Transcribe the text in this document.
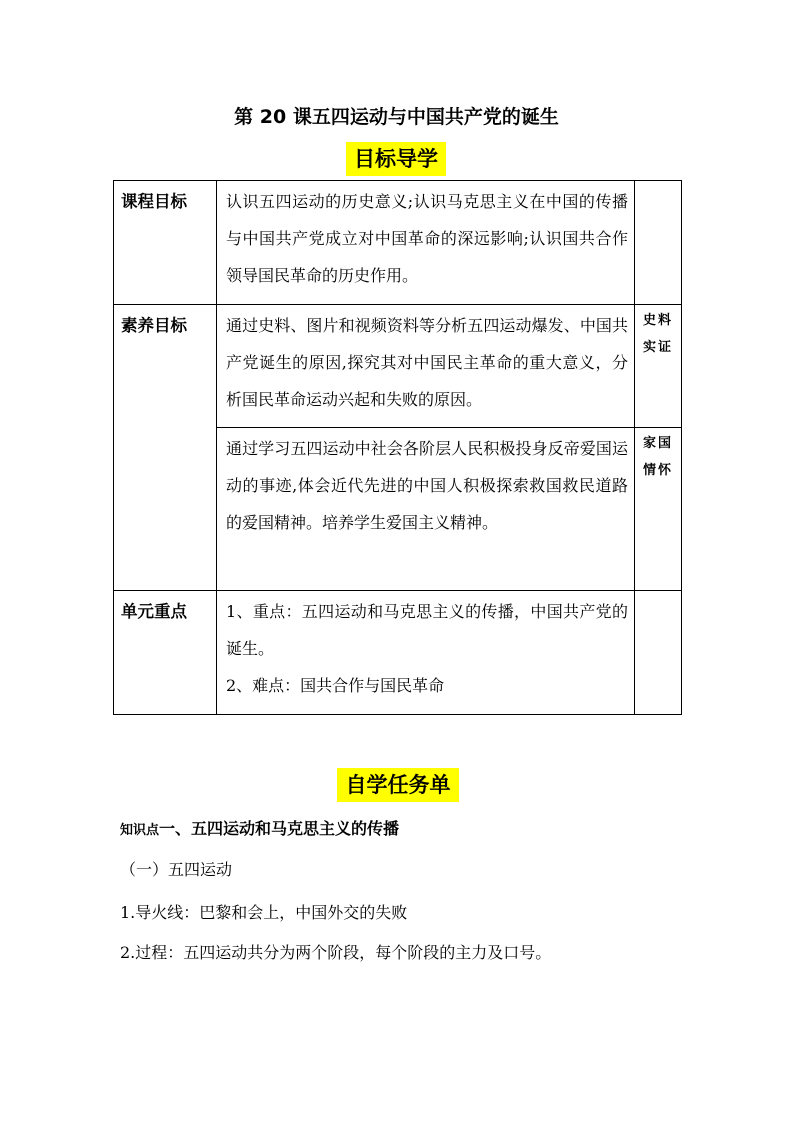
第 20 课五四运动与中国共产党的诞生
目标导学
课程目标	认识五四运动的历史意义;认识马克思主义在中国的传播与中国共产党成立对中国革命的深远影响;认识国共合作领导国民革命的历史作用。	

素养目标	通过史料、图片和视频资料等分析五四运动爆发、中国共产党诞生的原因,探究其对中国民主革命的重大意义，分析国民革命运动兴起和失败的原因。	史料实证

	通过学习五四运动中社会各阶层人民积极投身反帝爱国运动的事迹,体会近代先进的中国人积极探索救国救民道路的爱国精神。培养学生爱国主义精神。	家国情怀

单元重点	1、重点：五四运动和马克思主义的传播，中国共产党的诞生。
2、难点：国共合作与国民革命	

自学任务单
知识点一、五四运动和马克思主义的传播
（一）五四运动
1.导火线：巴黎和会上，中国外交的失败
2.过程：五四运动共分为两个阶段，每个阶段的主力及口号。
